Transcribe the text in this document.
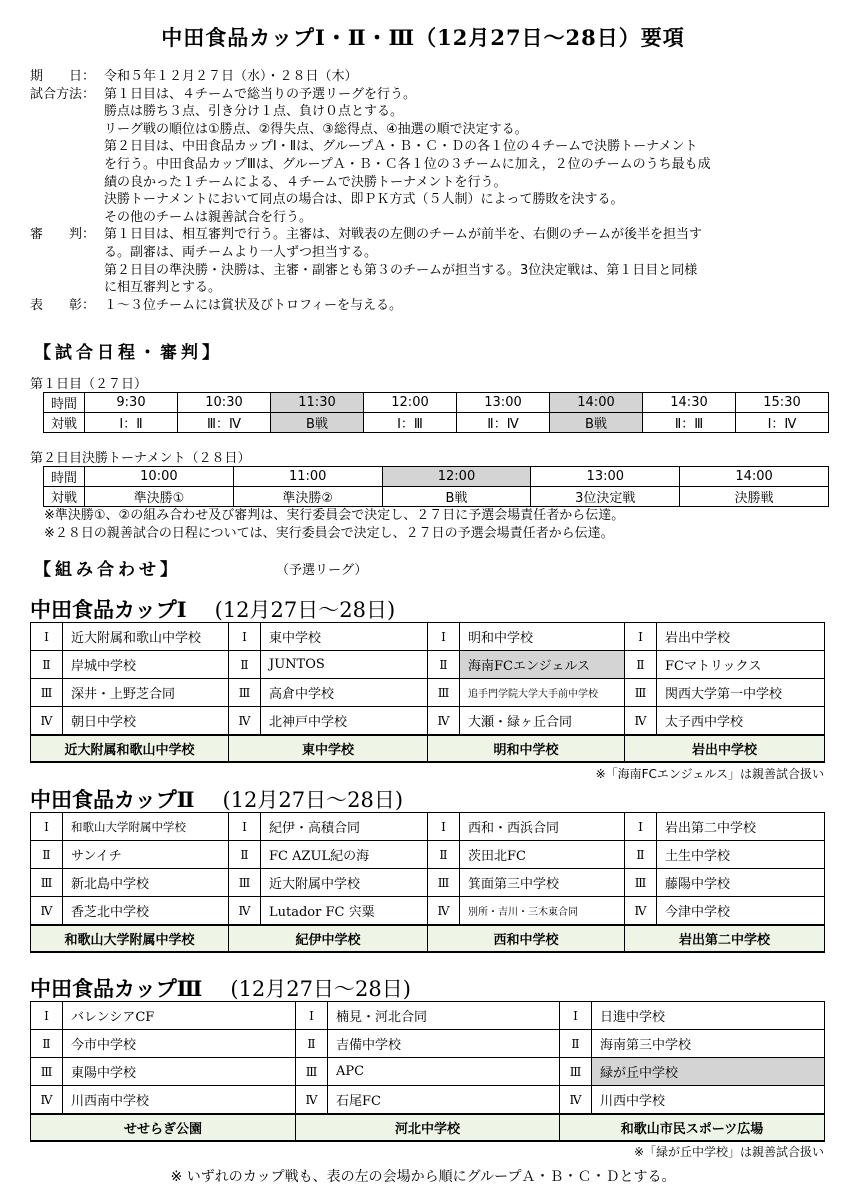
中田食品カップⅠ・Ⅱ・Ⅲ（12月27日～28日）要項
期　　日： 令和５年１２月２７日（水）・２８日（木）
試合方法： 第１日目は、４チームで総当りの予選リーグを行う。
勝点は勝ち３点、引き分け１点、負け０点とする。
リーグ戦の順位は①勝点、②得失点、③総得点、④抽選の順で決定する。
第２日目は、中田食品カップⅠ・Ⅱは、グループＡ・Ｂ・Ｃ・Ｄの各１位の４チームで決勝トーナメント
を行う。中田食品カップⅢは、グループＡ・Ｂ・Ｃ各１位の３チームに加え，２位のチームのうち最も成
績の良かった１チームによる、４チームで決勝トーナメントを行う。
決勝トーナメントにおいて同点の場合は、即ＰＫ方式（５人制）によって勝敗を決する。
その他のチームは親善試合を行う。
審　　判： 第１日目は、相互審判で行う。主審は、対戦表の左側のチームが前半を、右側のチームが後半を担当す
る。副審は、両チームより一人ずつ担当する。
第２日目の準決勝・決勝は、主審・副審とも第３のチームが担当する。3位決定戦は、第１日目と同様
に相互審判とする。
表　　彰： １～３位チームには賞状及びトロフィーを与える。
【試合日程・審判】
第１日目（２７日）
時間	9:30	10:30	11:30	12:00	13:00	14:00	14:30	15:30
対戦	Ⅰ：Ⅱ	Ⅲ：Ⅳ	B戦	Ⅰ：Ⅲ	Ⅱ：Ⅳ	B戦	Ⅱ：Ⅲ	Ⅰ：Ⅳ
第２日目決勝トーナメント（２８日）
時間	10:00	11:00	12:00	13:00	14:00
対戦	準決勝①	準決勝②	B戦	3位決定戦	決勝戦
※準決勝①、②の組み合わせ及び審判は、実行委員会で決定し、２７日に予選会場責任者から伝達。
※２８日の親善試合の日程については、実行委員会で決定し、２７日の予選会場責任者から伝達。
【組み合わせ】	（予選リーグ）
中田食品カップⅠ (12月27日～28日)
Ⅰ	近大附属和歌山中学校	Ⅰ	東中学校	Ⅰ	明和中学校	Ⅰ	岩出中学校
Ⅱ	岸城中学校	Ⅱ	JUNTOS	Ⅱ	海南FCエンジェルス	Ⅱ	FCマトリックス
Ⅲ	深井・上野芝合同	Ⅲ	高倉中学校	Ⅲ	追手門学院大学大手前中学校	Ⅲ	関西大学第一中学校
Ⅳ	朝日中学校	Ⅳ	北神戸中学校	Ⅳ	大瀬・緑ヶ丘合同	Ⅳ	太子西中学校
近大附属和歌山中学校		東中学校		明和中学校		岩出中学校	
※「海南FCエンジェルス」は親善試合扱い
中田食品カップⅡ (12月27日～28日)
Ⅰ	和歌山大学附属中学校	Ⅰ	紀伊・高積合同	Ⅰ	西和・西浜合同	Ⅰ	岩出第二中学校
Ⅱ	サンイチ	Ⅱ	FC AZUL紀の海	Ⅱ	茨田北FC	Ⅱ	土生中学校
Ⅲ	新北島中学校	Ⅲ	近大附属中学校	Ⅲ	箕面第三中学校	Ⅲ	藤陽中学校
Ⅳ	香芝北中学校	Ⅳ	Lutador FC 宍粟	Ⅳ	別所・吉川・三木東合同	Ⅳ	今津中学校
和歌山大学附属中学校		紀伊中学校		西和中学校		岩出第二中学校	
中田食品カップⅢ (12月27日～28日)
Ⅰ	バレンシアCF	Ⅰ	楠見・河北合同	Ⅰ	日進中学校
Ⅱ	今市中学校	Ⅱ	吉備中学校	Ⅱ	海南第三中学校
Ⅲ	東陽中学校	Ⅲ	APC	Ⅲ	緑が丘中学校
Ⅳ	川西南中学校	Ⅳ	石尾FC	Ⅳ	川西中学校
せせらぎ公園		河北中学校		和歌山市民スポーツ広場	
※「緑が丘中学校」は親善試合扱い
※ いずれのカップ戦も、表の左の会場から順にグループＡ・Ｂ・Ｃ・Ｄとする。
